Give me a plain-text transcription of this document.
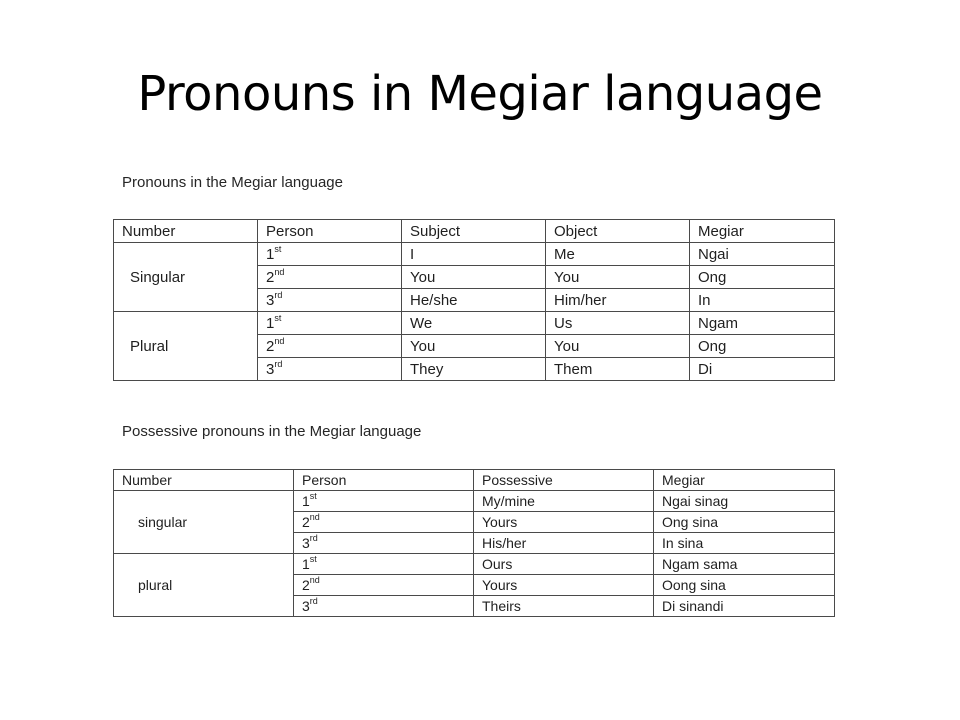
Pronouns in Megiar language
Pronouns in the Megiar language
Number	Person	Subject	Object	Megiar
Singular	1st	I	Me	Ngai
	2nd	You	You	Ong
	3rd	He/she	Him/her	In
Plural	1st	We	Us	Ngam
	2nd	You	You	Ong
	3rd	They	Them	Di
Possessive pronouns in the Megiar language
Number	Person	Possessive	Megiar
singular	1st	My/mine	Ngai sinag
	2nd	Yours	Ong sina
	3rd	His/her	In sina
plural	1st	Ours	Ngam sama
	2nd	Yours	Oong sina
	3rd	Theirs	Di sinandi
